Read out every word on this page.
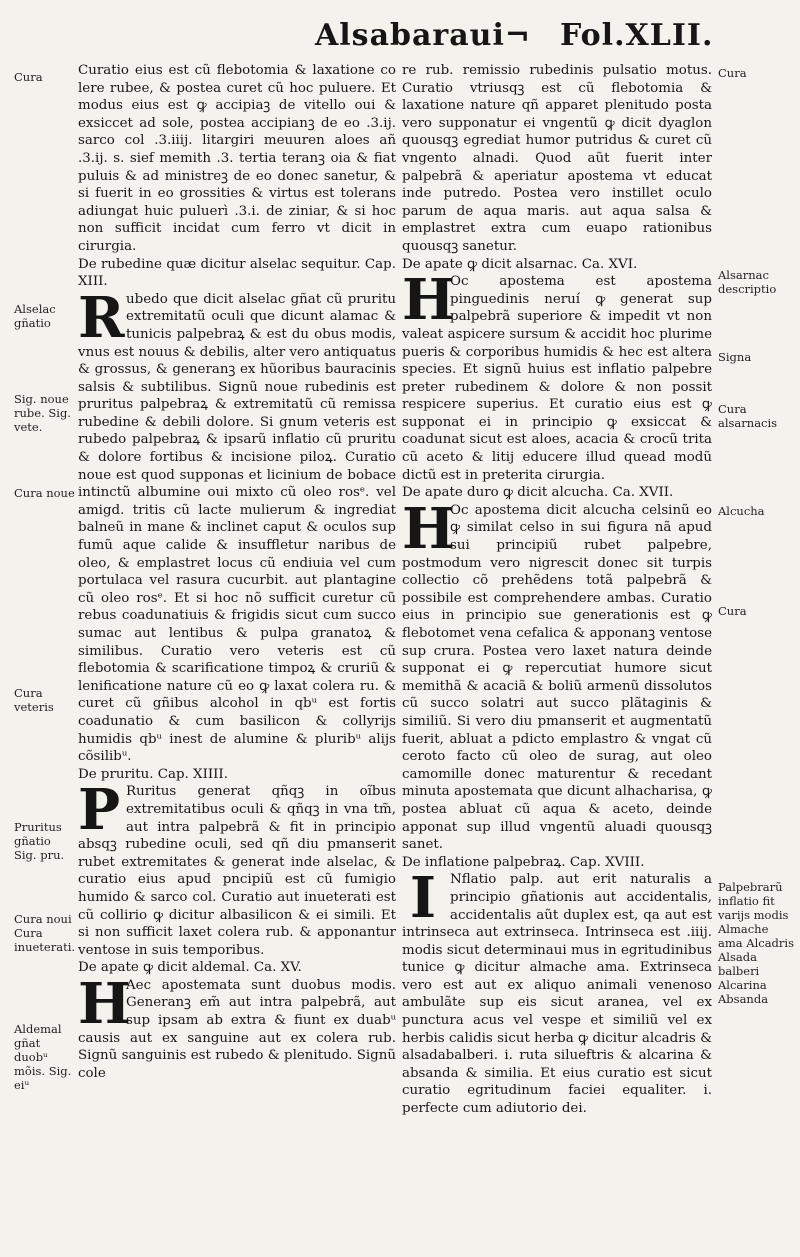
Alsabaraui¬ Fol.XLII.

Curatio eius est cũ flebotomia & laxatione co lere rubee, & postea curet cũ hoc puluere. Et modus eius est ꝙ accipiaꝫ de vitello oui & exsiccet ad sole, postea accipianꝫ de eo .3.ij. sarco col .3.iiij. litargiri meuuren aloes añ .3.ij. s. sief memith .3. tertia teranꝫ oia & fiat puluis & ad ministreꝫ de eo donec sanetur, & si fuerit in eo grossities & virtus est tolerans adiungat huic puluerì .3.i. de ziniar, & si hoc non sufficit incidat cum ferro vt dicit in cirurgia.

De rubedine quæ dicitur alselac sequitur. Cap. XIII.

Rubedo que dicit alselac gñat cũ pruritu extremitatũ oculi que dicunt alamac & tunicis palpebraꝝ & est du obus modis, vnus est nouus & debilis, alter vero antiquatus & grossus, & generanꝫ ex hũoribus bauracinis salsis & subtilibus. Signũ noue rubedinis est pruritus palpebraꝝ & extremitatũ cũ remissa rubedine & debili dolore. Si gnum veteris est rubedo palpebraꝝ & ipsarũ inflatio cũ pruritu & dolore fortibus & incisione piloꝝ. Curatio noue est quod supponas et licinium de bobace intinctũ albumine oui mixto cũ oleo rosᵉ. vel amigd. tritis cũ lacte mulierum & ingrediat balneũ in mane & inclinet caput & oculos sup fumũ aque calide & insuffletur naribus de oleo, & emplastret locus cũ endiuia vel cum portulaca vel rasura cucurbit. aut plantagine cũ oleo rosᵉ. Et si hoc nõ sufficit curetur cũ rebus coadunatiuis & frigidis sicut cum succo sumac aut lentibus & pulpa granatoꝝ & similibus. Curatio vero veteris est cũ flebotomia & scarificatione timpoꝝ & cruriũ & lenificatione nature cũ eo ꝙ laxat colera ru. & curet cũ gñibus alcohol in qbᵘ est fortis coadunatio & cum basilicon & collyrijs humidis qbᵘ inest de alumine & pluribᵘ alijs cõsilibᵘ.

De pruritu. Cap. XIIII.

P Ruritus generat qñqꝫ in oĩbus extremitatibus oculi & qñqꝫ in vna tm̃, aut intra palpebrã & fit in principio absqꝫ rubedine oculi, sed qñ diu pmanserit rubet extremitates & generat inde alselac, & curatio eius apud pncipiũ est cũ fumigio humido & sarco col. Curatio aut inueterati est cũ collirio ꝙ dicitur albasilicon & ei simili. Et si non sufficit laxet colera rub. & apponantur ventose in suis temporibus.

De apate ꝙ dicit aldemal. Ca. XV.

H
Aec apostemata sunt duobus modis. Generanꝫ em̃ aut intra palpebrã, aut sup ipsam ab extra & fiunt ex duabᵘ causis aut ex sanguine aut ex colera rub. Signũ sanguinis est rubedo & plenitudo. Signũ cole

re rub. remissio rubedinis pulsatio motus. Curatio vtriusqꝫ est cũ flebotomia & laxatione nature qñ apparet plenitudo posta vero supponatur ei vngentũ ꝙ dicit dyaglon quousqꝫ egrediat humor putridus & curet cũ vngento alnadi. Quod aũt fuerit inter palpebrã & aperiatur apostema vt educat inde putredo. Postea vero instillet oculo parum de aqua maris. aut aqua salsa & emplastret extra cum euapo rationibus quousqꝫ sanetur.

De apate ꝙ dicit alsarnac. Ca. XVI.

H
Oc apostema est apostema pinguedinis neruí ꝙ generat sup palpebrã superiore & impedit vt non valeat aspicere sursum & accidit hoc plurime pueris & corporibus humidis & hec est altera species. Et signũ huius est inflatio palpebre preter rubedinem & dolore & non possit respicere superius. Et curatio eius est ꝙ supponat ei in principio ꝙ exsiccat & coadunat sicut est aloes, acacia & crocũ trita cũ aceto & litij educere illud quead modũ dictũ est in preterita cirurgia.

De apate duro ꝙ dicit alcucha. Ca. XVII.

H
Oc apostema dicit alcucha celsinũ eo ꝙ similat celso in sui figura nã apud sui principiũ rubet palpebre, postmodum vero nigrescit donec sit turpis collectio cõ prehẽdens totã palpebrã & possibile est comprehendere ambas. Curatio eius in principio sue generationis est ꝙ flebotomet vena cefalica & apponanꝫ ventose sup crura. Postea vero laxet natura deinde supponat ei ꝙ repercutiat humore sicut memithã & acaciã & boliũ armenũ dissolutos cũ succo solatri aut succo plãtaginis & similiũ. Si vero diu pmanserit et augmentatũ fuerit, abluat a pdicto emplastro & vngat cũ ceroto facto cũ oleo de surag, aut oleo camomille donec maturentur & recedant minuta apostemata que dicunt alhacharisa, ꝙ postea abluat cũ aqua & aceto, deinde apponat sup illud vngentũ aluadi quousqꝫ sanet.

De inflatione palpebraꝝ. Cap. XVIII.

I	Nflatio palp. aut erit naturalis a principio gñationis aut accidentalis, accidentalis aũt duplex est, qa aut est intrinseca aut extrinseca. Intrinseca est .iiij. modis sicut determinaui mus in egritudinibus tunice ꝙ dicitur almache ama. Extrinseca vero est aut ex aliquo animali venenoso ambulãte sup eis sicut aranea, vel ex punctura acus vel vespe et similiũ vel ex herbis calidis sicut herba ꝙ dicitur alcadris & alsadabalberi. i. ruta silueftris & alcarina & absanda & similia. Et eius curatio est sicut curatio egritudinum faciei equaliter. i. perfecte cum adiutorio dei.

Cura
Alselac gñatio
Sig. noue rube. Sig. vete.
Cura noue
Cura veteris
Pruritus gñatio Sig. pru.
Cura noui Cura inueterati.
Aldemal gñat duobᵘ mõis. Sig. eiᵘ
Cura
Alsarnac descriptio
Signa
Cura alsarnacis
Alcucha
Cura
Palpebrarũ inflatio fit varijs modis Almache ama Alcadris Alsada balberi Alcarina Absanda
